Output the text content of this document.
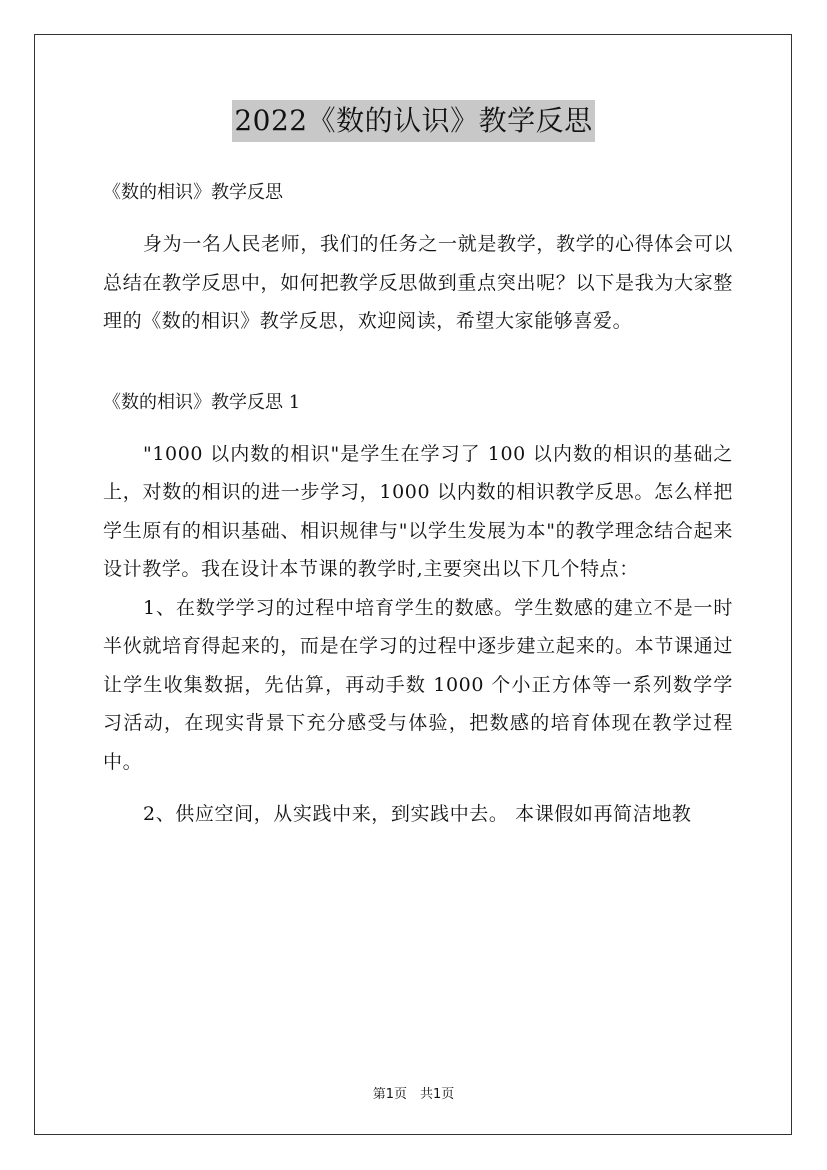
2022《数的认识》教学反思

《数的相识》教学反思

身为一名人民老师，我们的任务之一就是教学，教学的心得体会可以总结在教学反思中，如何把教学反思做到重点突出呢？以下是我为大家整理的《数的相识》教学反思，欢迎阅读，希望大家能够喜爱。

《数的相识》教学反思 1

"1000 以内数的相识"是学生在学习了 100 以内数的相识的基础之上，对数的相识的进一步学习，1000 以内数的相识教学反思。怎么样把学生原有的相识基础、相识规律与"以学生发展为本"的教学理念结合起来设计教学。我在设计本节课的教学时,主要突出以下几个特点：

1、在数学学习的过程中培育学生的数感。学生数感的建立不是一时半伙就培育得起来的，而是在学习的过程中逐步建立起来的。本节课通过让学生收集数据，先估算，再动手数 1000 个小正方体等一系列数学学习活动，在现实背景下充分感受与体验，把数感的培育体现在教学过程中。

2、供应空间，从实践中来，到实践中去。 本课假如再简洁地教

第1页　共1页
